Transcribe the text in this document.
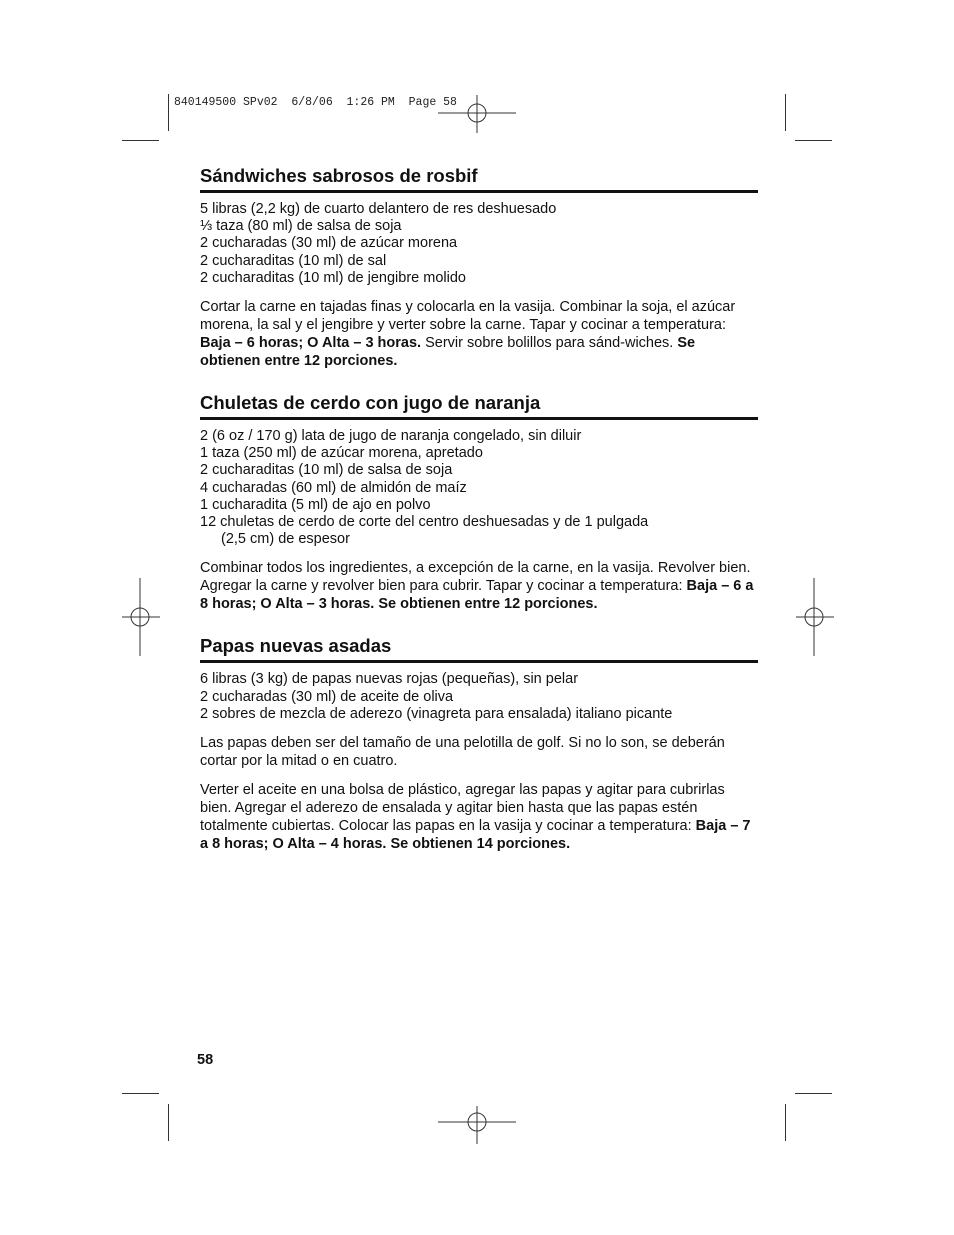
840149500 SPv02  6/8/06  1:26 PM  Page 58
Sándwiches sabrosos de rosbif
5 libras (2,2 kg) de cuarto delantero de res deshuesado
⅓ taza (80 ml) de salsa de soja
2 cucharadas (30 ml) de azúcar morena
2 cucharaditas (10 ml) de sal
2 cucharaditas (10 ml) de jengibre molido

Cortar la carne en tajadas finas y colocarla en la vasija. Combinar la soja, el azúcar morena, la sal y el jengibre y verter sobre la carne. Tapar y cocinar a temperatura: Baja – 6 horas; O Alta – 3 horas. Servir sobre bolillos para sánd-wiches. Se obtienen entre 12 porciones.

Chuletas de cerdo con jugo de naranja
2 (6 oz / 170 g) lata de jugo de naranja congelado, sin diluir
1 taza (250 ml) de azúcar morena, apretado
2 cucharaditas (10 ml) de salsa de soja
4 cucharadas (60 ml) de almidón de maíz
1 cucharadita (5 ml) de ajo en polvo
12 chuletas de cerdo de corte del centro deshuesadas y de 1 pulgada
(2,5 cm) de espesor

Combinar todos los ingredientes, a excepción de la carne, en la vasija. Revolver bien. Agregar la carne y revolver bien para cubrir. Tapar y cocinar a temperatura: Baja – 6 a 8 horas; O Alta – 3 horas. Se obtienen entre 12 porciones.

Papas nuevas asadas
6 libras (3 kg) de papas nuevas rojas (pequeñas), sin pelar
2 cucharadas (30 ml) de aceite de oliva
2 sobres de mezcla de aderezo (vinagreta para ensalada) italiano picante

Las papas deben ser del tamaño de una pelotilla de golf. Si no lo son, se deberán cortar por la mitad o en cuatro.

Verter el aceite en una bolsa de plástico, agregar las papas y agitar para cubrirlas bien. Agregar el aderezo de ensalada y agitar bien hasta que las papas estén totalmente cubiertas. Colocar las papas en la vasija y cocinar a temperatura: Baja – 7 a 8 horas; O Alta – 4 horas. Se obtienen 14 porciones.

58
